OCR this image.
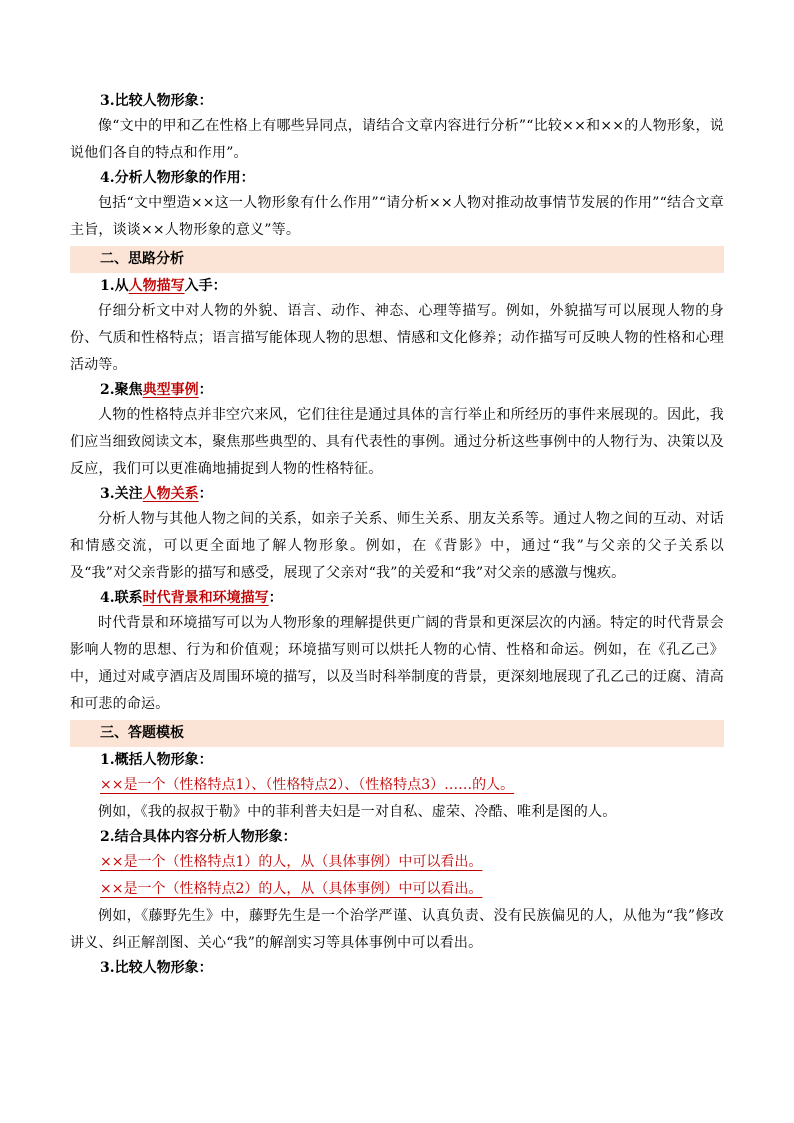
3.比较人物形象：

像“文中的甲和乙在性格上有哪些异同点，请结合文章内容进行分析”“比较××和××的人物形象，说说他们各自的特点和作用”。

4.分析人物形象的作用：

包括“文中塑造××这一人物形象有什么作用”“请分析××人物对推动故事情节发展的作用”“结合文章主旨，谈谈××人物形象的意义”等。

二、思路分析

1.从人物描写入手：

仔细分析文中对人物的外貌、语言、动作、神态、心理等描写。例如，外貌描写可以展现人物的身份、气质和性格特点；语言描写能体现人物的思想、情感和文化修养；动作描写可反映人物的性格和心理活动等。

2.聚焦典型事例：

人物的性格特点并非空穴来风，它们往往是通过具体的言行举止和所经历的事件来展现的。因此，我们应当细致阅读文本，聚焦那些典型的、具有代表性的事例。通过分析这些事例中的人物行为、决策以及反应，我们可以更准确地捕捉到人物的性格特征。

3.关注人物关系：

分析人物与其他人物之间的关系，如亲子关系、师生关系、朋友关系等。通过人物之间的互动、对话和情感交流，可以更全面地了解人物形象。例如，在《背影》中，通过“我”与父亲的父子关系以及“我”对父亲背影的描写和感受，展现了父亲对“我”的关爱和“我”对父亲的感激与愧疚。

4.联系时代背景和环境描写：

时代背景和环境描写可以为人物形象的理解提供更广阔的背景和更深层次的内涵。特定的时代背景会影响人物的思想、行为和价值观；环境描写则可以烘托人物的心情、性格和命运。例如，在《孔乙己》中，通过对咸亨酒店及周围环境的描写，以及当时科举制度的背景，更深刻地展现了孔乙己的迂腐、清高和可悲的命运。

三、答题模板

1.概括人物形象：

××是一个（性格特点1）、（性格特点2）、（性格特点3）……的人。

例如，《我的叔叔于勒》中的菲利普夫妇是一对自私、虚荣、冷酷、唯利是图的人。

2.结合具体内容分析人物形象：

××是一个（性格特点1）的人，从（具体事例）中可以看出。

××是一个（性格特点2）的人，从（具体事例）中可以看出。

例如，《藤野先生》中，藤野先生是一个治学严谨、认真负责、没有民族偏见的人，从他为“我”修改讲义、纠正解剖图、关心“我”的解剖实习等具体事例中可以看出。

3.比较人物形象：
